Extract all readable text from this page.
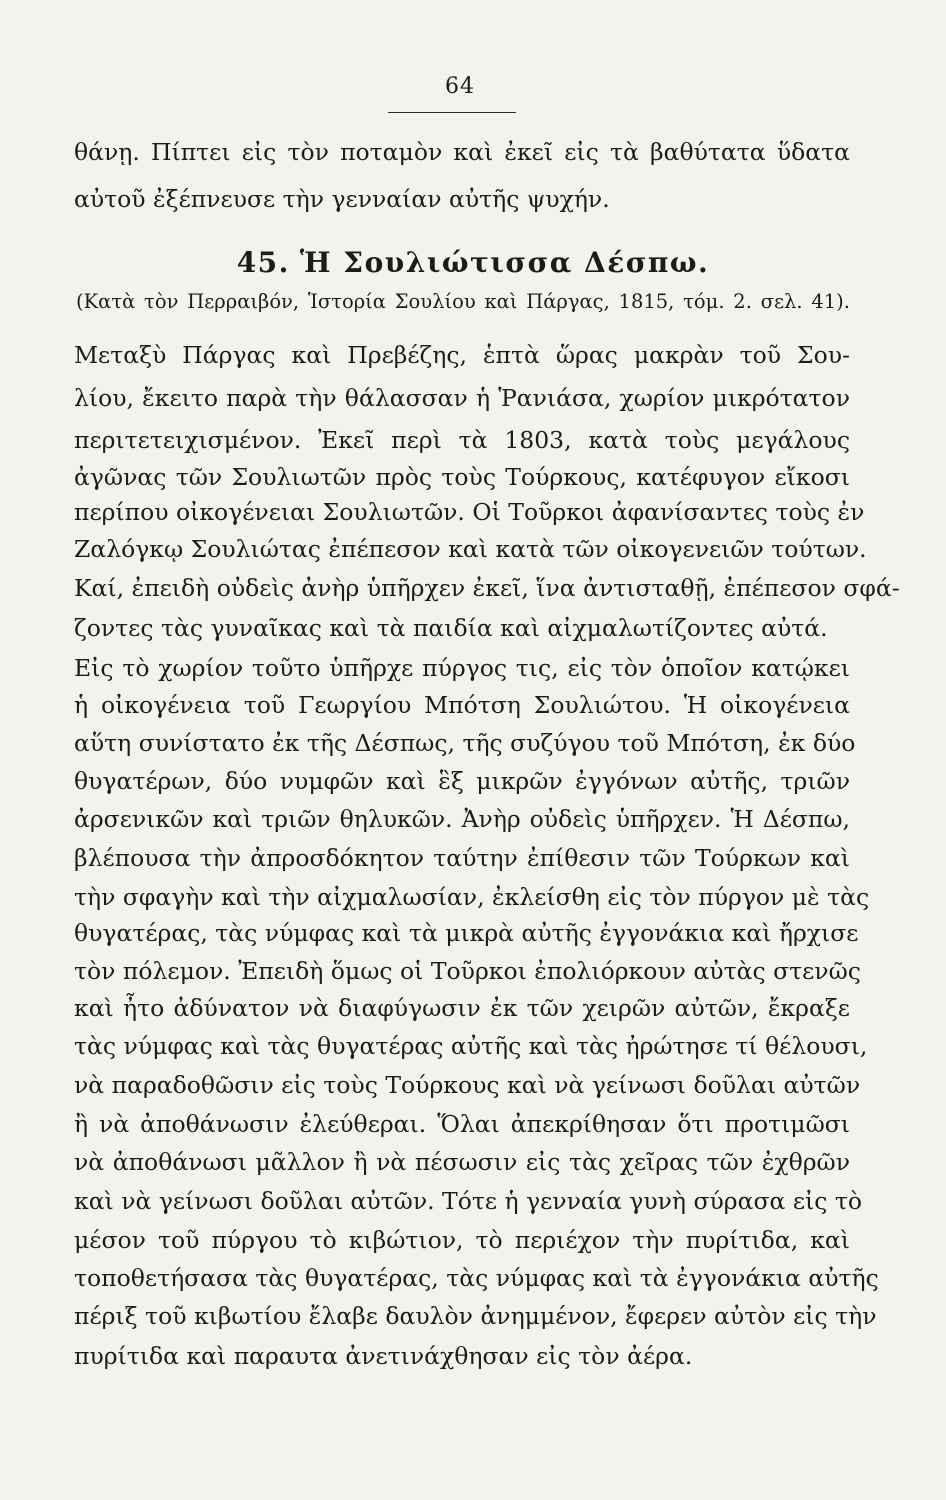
64
θάνῃ. Πίπτει εἰς τὸν ποταμὸν καὶ ἐκεῖ εἰς τὰ βαθύτατα ὕδατα
αὐτοῦ ἐξέπνευσε τὴν γενναίαν αὐτῆς ψυχήν.
45. Ἡ Σουλιώτισσα Δέσπω.
(Κατὰ τὸν Περραιβόν, Ἱστορία Σουλίου καὶ Πάργας, 1815, τόμ. 2. σελ. 41).
Μεταξὺ Πάργας καὶ Πρεβέζης, ἑπτὰ ὥρας μακρὰν τοῦ Σου-
λίου, ἔκειτο παρὰ τὴν θάλασσαν ἡ Ῥανιάσα, χωρίον μικρότατον
περιτετειχισμένον. Ἐκεῖ περὶ τὰ 1803, κατὰ τοὺς μεγάλους
ἀγῶνας τῶν Σουλιωτῶν πρὸς τοὺς Τούρκους, κατέφυγον εἴκοσι
περίπου οἰκογένειαι Σουλιωτῶν. Οἱ Τοῦρκοι ἀφανίσαντες τοὺς ἐν
Ζαλόγκῳ Σουλιώτας ἐπέπεσον καὶ κατὰ τῶν οἰκογενειῶν τούτων.
Καί, ἐπειδὴ οὐδεὶς ἀνὴρ ὑπῆρχεν ἐκεῖ, ἵνα ἀντισταθῇ, ἐπέπεσον σφά-
ζοντες τὰς γυναῖκας καὶ τὰ παιδία καὶ αἰχμαλωτίζοντες αὐτά.
Εἰς τὸ χωρίον τοῦτο ὑπῆρχε πύργος τις, εἰς τὸν ὁποῖον κατῴκει
ἡ οἰκογένεια τοῦ Γεωργίου Μπότση Σουλιώτου. Ἡ οἰκογένεια
αὕτη συνίστατο ἐκ τῆς Δέσπως, τῆς συζύγου τοῦ Μπότση, ἐκ δύο
θυγατέρων, δύο νυμφῶν καὶ ἓξ μικρῶν ἐγγόνων αὐτῆς, τριῶν
ἀρσενικῶν καὶ τριῶν θηλυκῶν. Ἀνὴρ οὐδεὶς ὑπῆρχεν. Ἡ Δέσπω,
βλέπουσα τὴν ἀπροσδόκητον ταύτην ἐπίθεσιν τῶν Τούρκων καὶ
τὴν σφαγὴν καὶ τὴν αἰχμαλωσίαν, ἐκλείσθη εἰς τὸν πύργον μὲ τὰς
θυγατέρας, τὰς νύμφας καὶ τὰ μικρὰ αὐτῆς ἐγγονάκια καὶ ἤρχισε
τὸν πόλεμον. Ἐπειδὴ ὅμως οἱ Τοῦρκοι ἐπολιόρκουν αὐτὰς στενῶς
καὶ ἦτο ἀδύνατον νὰ διαφύγωσιν ἐκ τῶν χειρῶν αὐτῶν, ἔκραξε
τὰς νύμφας καὶ τὰς θυγατέρας αὐτῆς καὶ τὰς ἠρώτησε τί θέλουσι,
νὰ παραδοθῶσιν εἰς τοὺς Τούρκους καὶ νὰ γείνωσι δοῦλαι αὐτῶν
ἢ νὰ ἀποθάνωσιν ἐλεύθεραι. Ὅλαι ἀπεκρίθησαν ὅτι προτιμῶσι
νὰ ἀποθάνωσι μᾶλλον ἢ νὰ πέσωσιν εἰς τὰς χεῖρας τῶν ἐχθρῶν
καὶ νὰ γείνωσι δοῦλαι αὐτῶν. Τότε ἡ γενναία γυνὴ σύρασα εἰς τὸ
μέσον τοῦ πύργου τὸ κιβώτιον, τὸ περιέχον τὴν πυρίτιδα, καὶ
τοποθετήσασα τὰς θυγατέρας, τὰς νύμφας καὶ τὰ ἐγγονάκια αὐτῆς
πέριξ τοῦ κιβωτίου ἔλαβε δαυλὸν ἀνημμένον, ἔφερεν αὐτὸν εἰς τὴν
πυρίτιδα καὶ παραυτα ἀνετινάχθησαν εἰς τὸν ἀέρα.
